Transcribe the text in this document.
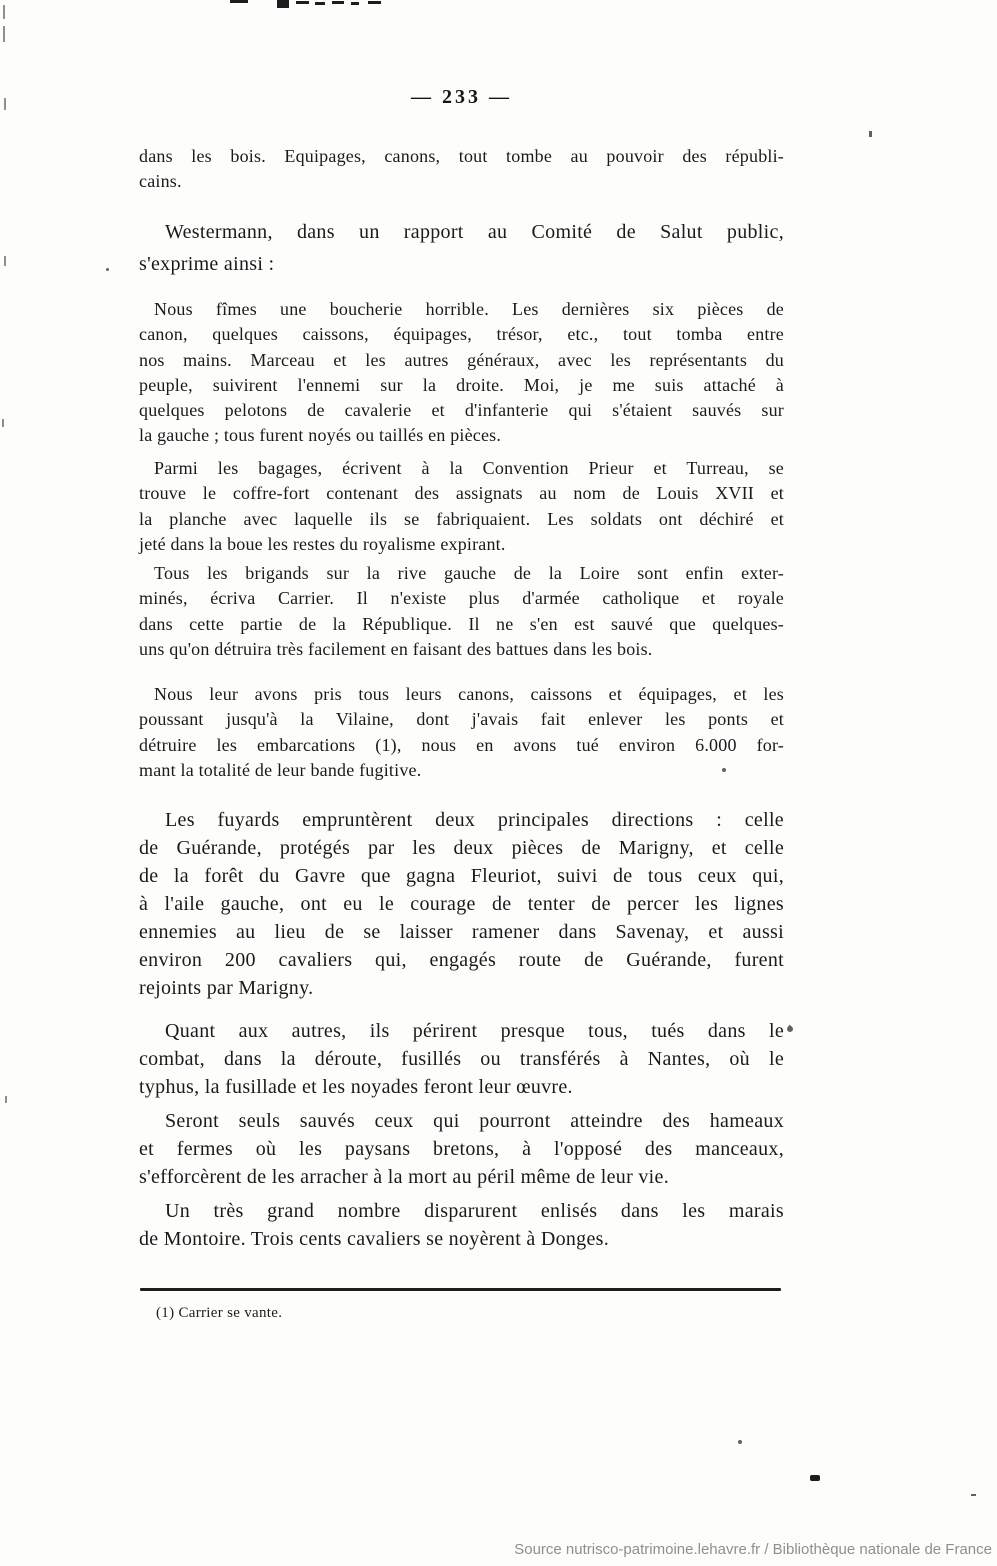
— 233 —
dans les bois. Equipages, canons, tout tombe au pouvoir des républi-
cains.
Westermann, dans un rapport au Comité de Salut public,
s'exprime ainsi :
Nous fîmes une boucherie horrible. Les dernières six pièces de
canon, quelques caissons, équipages, trésor, etc., tout tomba entre
nos mains. Marceau et les autres généraux, avec les représentants du
peuple, suivirent l'ennemi sur la droite. Moi, je me suis attaché à
quelques pelotons de cavalerie et d'infanterie qui s'étaient sauvés sur
la gauche ; tous furent noyés ou taillés en pièces.
Parmi les bagages, écrivent à la Convention Prieur et Turreau, se
trouve le coffre-fort contenant des assignats au nom de Louis XVII et
la planche avec laquelle ils se fabriquaient. Les soldats ont déchiré et
jeté dans la boue les restes du royalisme expirant.
Tous les brigands sur la rive gauche de la Loire sont enfin exter-
minés, écriva Carrier. Il n'existe plus d'armée catholique et royale
dans cette partie de la République. Il ne s'en est sauvé que quelques-
uns qu'on détruira très facilement en faisant des battues dans les bois.
Nous leur avons pris tous leurs canons, caissons et équipages, et les
poussant jusqu'à la Vilaine, dont j'avais fait enlever les ponts et
détruire les embarcations (1), nous en avons tué environ 6.000 for-
mant la totalité de leur bande fugitive.
Les fuyards empruntèrent deux principales directions : celle
de Guérande, protégés par les deux pièces de Marigny, et celle
de la forêt du Gavre que gagna Fleuriot, suivi de tous ceux qui,
à l'aile gauche, ont eu le courage de tenter de percer les lignes
ennemies au lieu de se laisser ramener dans Savenay, et aussi
environ 200 cavaliers qui, engagés route de Guérande, furent
rejoints par Marigny.
Quant aux autres, ils périrent presque tous, tués dans le
combat, dans la déroute, fusillés ou transférés à Nantes, où le
typhus, la fusillade et les noyades feront leur œuvre.
Seront seuls sauvés ceux qui pourront atteindre des hameaux
et fermes où les paysans bretons, à l'opposé des manceaux,
s'efforcèrent de les arracher à la mort au péril même de leur vie.
Un très grand nombre disparurent enlisés dans les marais
de Montoire. Trois cents cavaliers se noyèrent à Donges.
(1) Carrier se vante.
Source nutrisco-patrimoine.lehavre.fr / Bibliothèque nationale de France
